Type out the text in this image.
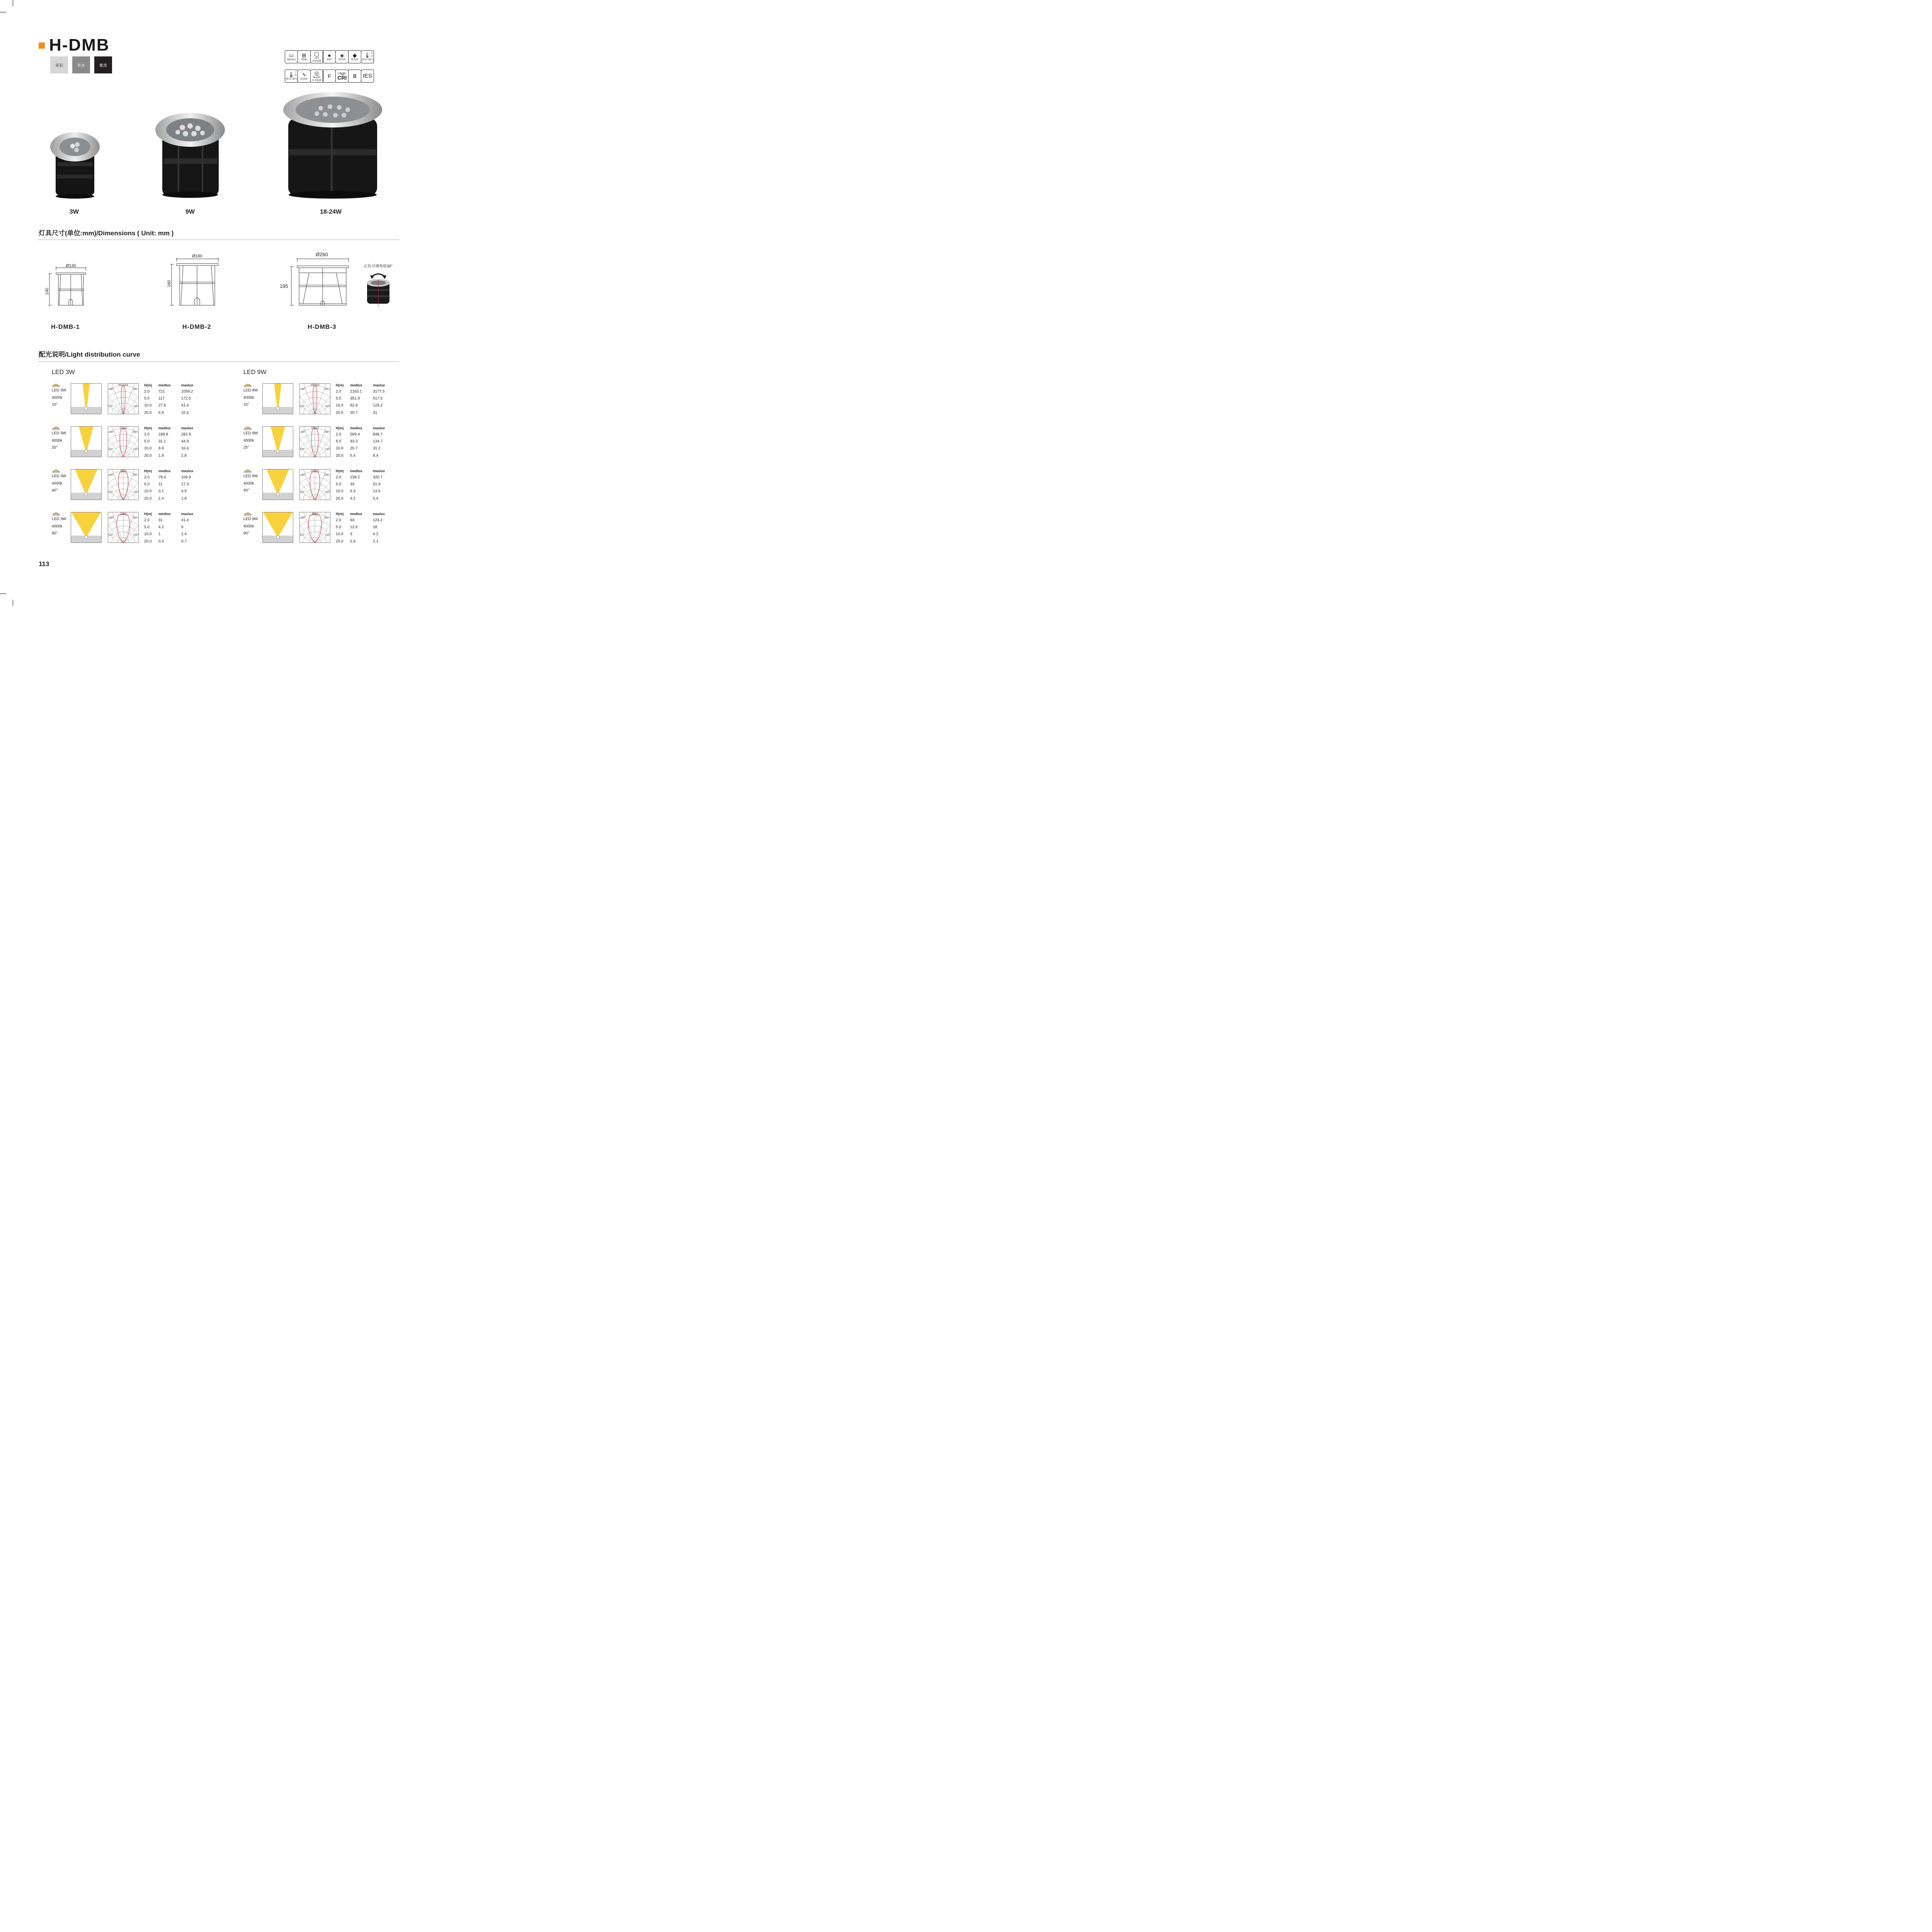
H-DMB
雾银	铁灰	雅黑
▭
DMX512
⊞
RDM
▢
≥0.9
功率因数
●
IP67
◈
挤压铝
◆
银灰黑
🌡
-25°C~50°C
启动
🌡
-35°C~50°C
工作 ϟ
DC24V
◎
NLQST
安全检测
F High
CRI Ⅲ IES
3W	9W	18-24W
灯具尺寸(单位:mm)/Dimensions ( Unit: mm )
Ø130
140
Ø160
160
Ø260
195
正负可调角度30°
H-DMB-1	H-DMB-2	H-DMB-3
配光说明/Light distribution curve
LED 3W	LED 9W
LED 3W
4000k
10°
4312.5cd
150°	150°
120°	120°
H(m)	medlux	maxlux
2.0	721	1059.2
5.0	117	172.5
10.0	27.6	41.4
20.0	6.9	10.4
LED 3W
4000k
25°
1121cd
150°	150°
120°	120°
H(m)	medlux	maxlux
2.0	189.8	282.9
5.0	31.1	44.9
10.0	6.9	10.4
20.0	1.8	2.8
LED 3W
4000k
40°
345cd
150°	150°
120°	120°
H(m)	medlux	maxlux
2.0	79.4	106.9
5.0	11	17.3
10.0	3.1	4.5
20.0	1.4	1.8
LED 3W
4000k
60°
128cd
150°	150°
120°	120°
H(m)	medlux	maxlux
2.0	31	41.4
5.0	4.2	6
10.0	1	1.4
20.0	0.3	0.7
LED 9W
4000k
10°
15525cd
150°	150°
120°	120°
H(m)	medlux	maxlux
2.0	2163.1	3177.5
5.0	351.9	517.5
10.0	82.8	124.2
20.0	20.7	31
LED 9W
4000k
25°
3363cd
150°	150°
120°	120°
H(m)	medlux	maxlux
2.0	569.4	848.7
5.0	93.3	134.7
10.0	20.7	31.2
20.0	5.4	8.4
LED 9W
4000k
40°
1035cd
150°	150°
120°	120°
H(m)	medlux	maxlux
2.0	238.2	320.7
5.0	33	51.9
10.0	9.3	13.5
20.0	4.2	5.4
LED 9W
4000k
60°
384cd
150°	150°
120°	120°
H(m)	medlux	maxlux
2.0	93	124.2
5.0	12.6	18
10.0	3	4.2
20.0	0.9	2.1
113
